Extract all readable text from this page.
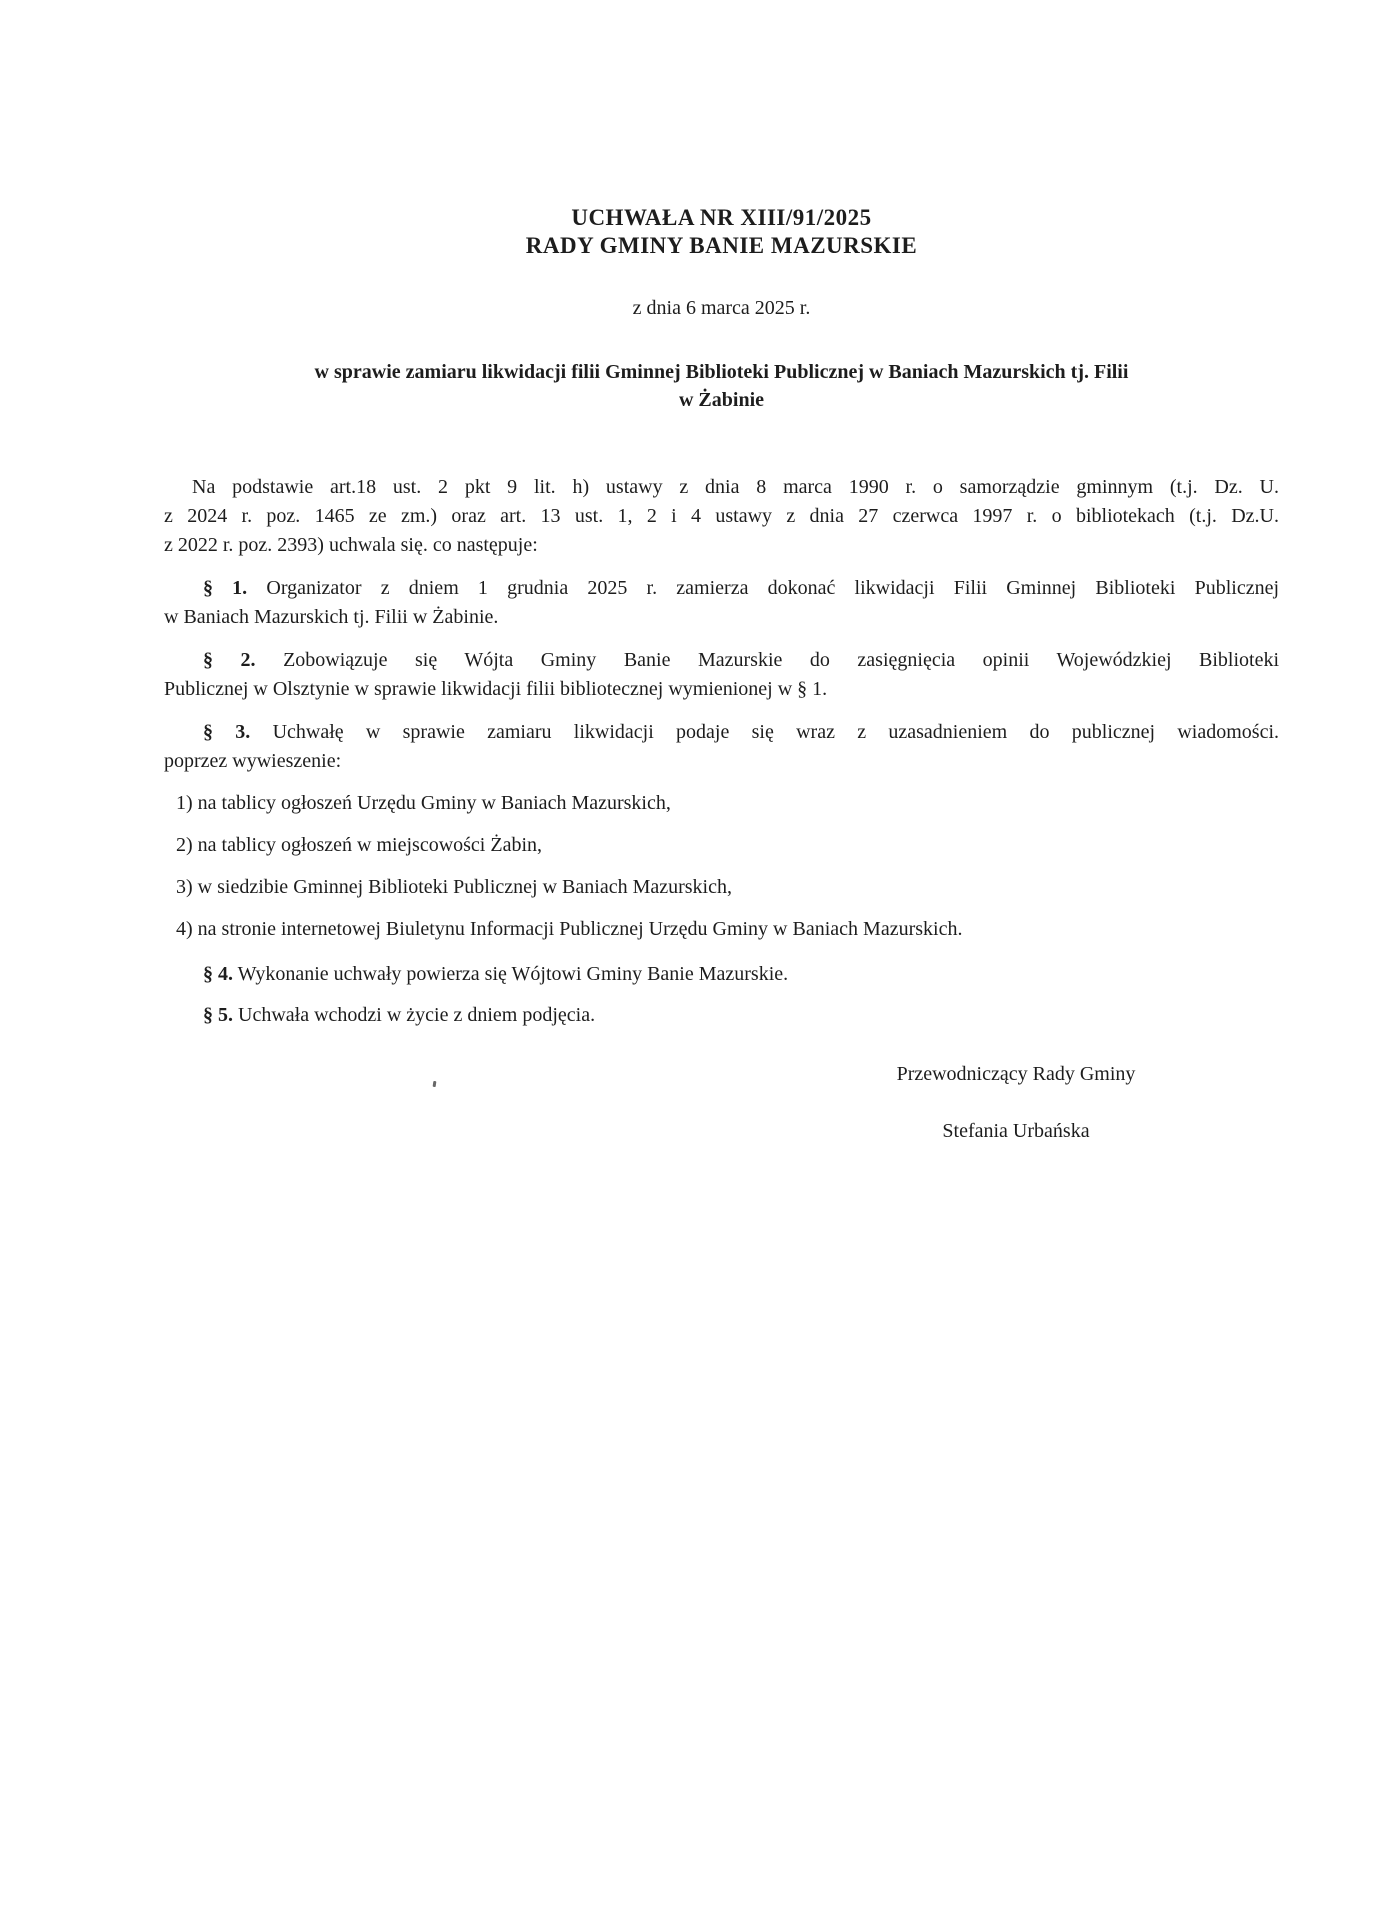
UCHWAŁA NR XIII/91/2025
RADY GMINY BANIE MAZURSKIE
z dnia 6 marca 2025 r.
w sprawie zamiaru likwidacji filii Gminnej Biblioteki Publicznej w Baniach Mazurskich tj. Filii
w Żabinie
Na podstawie art.18 ust. 2 pkt 9 lit. h) ustawy z dnia 8 marca 1990 r. o samorządzie gminnym (t.j. Dz. U.
z 2024 r. poz. 1465 ze zm.) oraz art. 13 ust. 1, 2 i 4 ustawy z dnia 27 czerwca 1997 r. o bibliotekach (t.j. Dz.U.
z 2022 r. poz. 2393) uchwala się. co następuje:
§ 1. Organizator z dniem 1 grudnia 2025 r. zamierza dokonać likwidacji Filii Gminnej Biblioteki Publicznej
w Baniach Mazurskich tj. Filii w Żabinie.
§ 2. Zobowiązuje się Wójta Gminy Banie Mazurskie do zasięgnięcia opinii Wojewódzkiej Biblioteki
Publicznej w Olsztynie w sprawie likwidacji filii bibliotecznej wymienionej w § 1.
§ 3. Uchwałę w sprawie zamiaru likwidacji podaje się wraz z uzasadnieniem do publicznej wiadomości.
poprzez wywieszenie:
1) na tablicy ogłoszeń Urzędu Gminy w Baniach Mazurskich,
2) na tablicy ogłoszeń w miejscowości Żabin,
3) w siedzibie Gminnej Biblioteki Publicznej w Baniach Mazurskich,
4) na stronie internetowej Biuletynu Informacji Publicznej Urzędu Gminy w Baniach Mazurskich.
§ 4. Wykonanie uchwały powierza się Wójtowi Gminy Banie Mazurskie.
§ 5. Uchwała wchodzi w życie z dniem podjęcia.
Przewodniczący Rady Gminy
Stefania Urbańska
